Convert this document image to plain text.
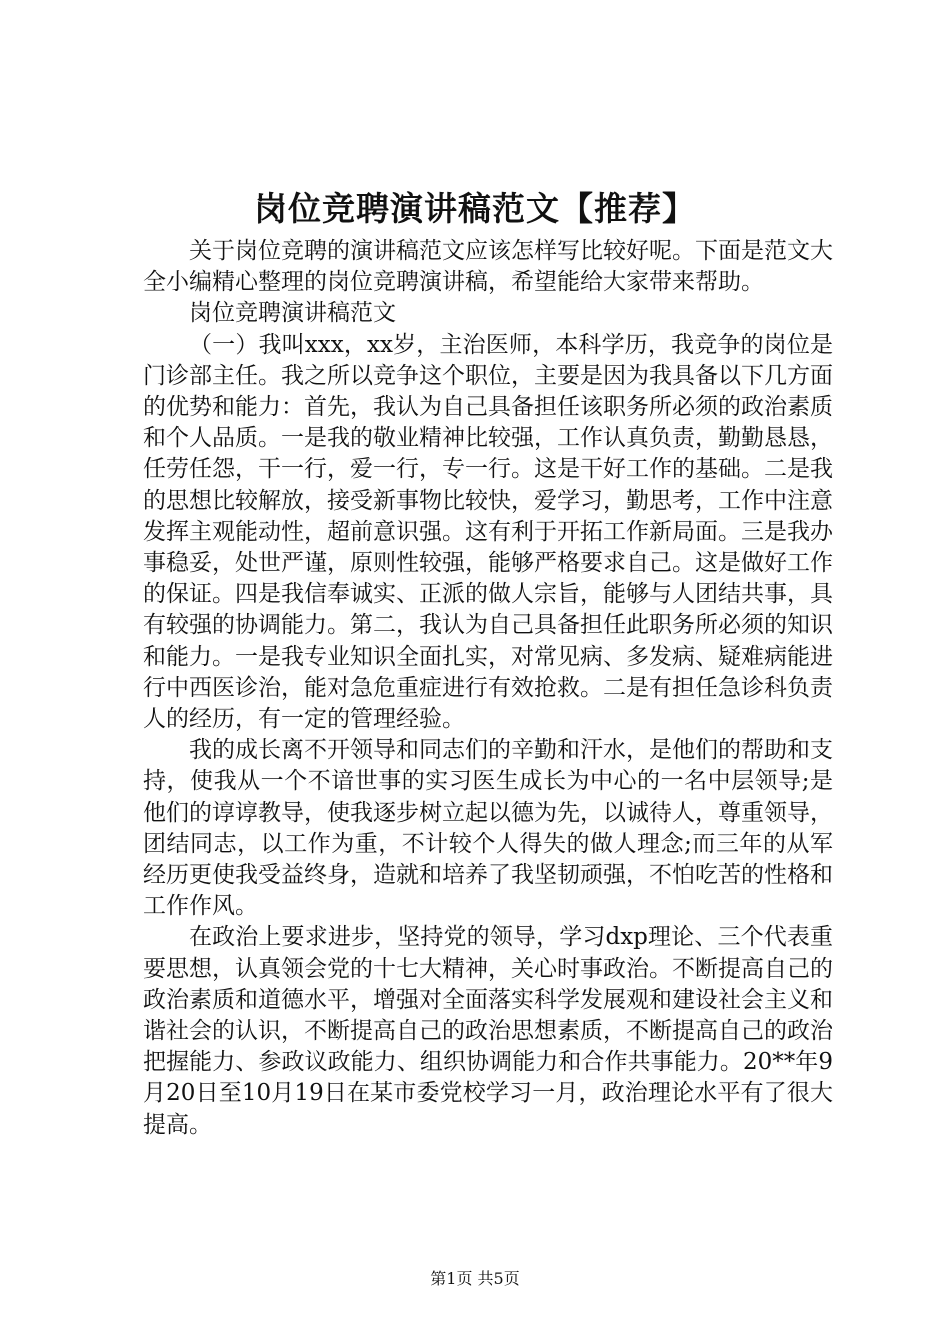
岗位竞聘演讲稿范文【推荐】

关于岗位竞聘的演讲稿范文应该怎样写比较好呢。下面是范文大全小编精心整理的岗位竞聘演讲稿，希望能给大家带来帮助。

岗位竞聘演讲稿范文

（一）我叫xxx，xx岁，主治医师，本科学历，我竞争的岗位是门诊部主任。我之所以竞争这个职位，主要是因为我具备以下几方面的优势和能力：首先，我认为自己具备担任该职务所必须的政治素质和个人品质。一是我的敬业精神比较强，工作认真负责，勤勤恳恳，任劳任怨，干一行，爱一行，专一行。这是干好工作的基础。二是我的思想比较解放，接受新事物比较快，爱学习，勤思考，工作中注意发挥主观能动性，超前意识强。这有利于开拓工作新局面。三是我办事稳妥，处世严谨，原则性较强，能够严格要求自己。这是做好工作的保证。四是我信奉诚实、正派的做人宗旨，能够与人团结共事，具有较强的协调能力。第二，我认为自己具备担任此职务所必须的知识和能力。一是我专业知识全面扎实，对常见病、多发病、疑难病能进行中西医诊治，能对急危重症进行有效抢救。二是有担任急诊科负责人的经历，有一定的管理经验。

我的成长离不开领导和同志们的辛勤和汗水，是他们的帮助和支持，使我从一个不谙世事的实习医生成长为中心的一名中层领导;是他们的谆谆教导，使我逐步树立起以德为先，以诚待人，尊重领导，团结同志，以工作为重，不计较个人得失的做人理念;而三年的从军经历更使我受益终身，造就和培养了我坚韧顽强，不怕吃苦的性格和工作作风。

在政治上要求进步，坚持党的领导，学习dxp理论、三个代表重要思想，认真领会党的十七大精神，关心时事政治。不断提高自己的政治素质和道德水平，增强对全面落实科学发展观和建设社会主义和谐社会的认识，不断提高自己的政治思想素质，不断提高自己的政治把握能力、参政议政能力、组织协调能力和合作共事能力。20**年9月20日至10月19日在某市委党校学习一月，政治理论水平有了很大提高。

第1页 共5页
